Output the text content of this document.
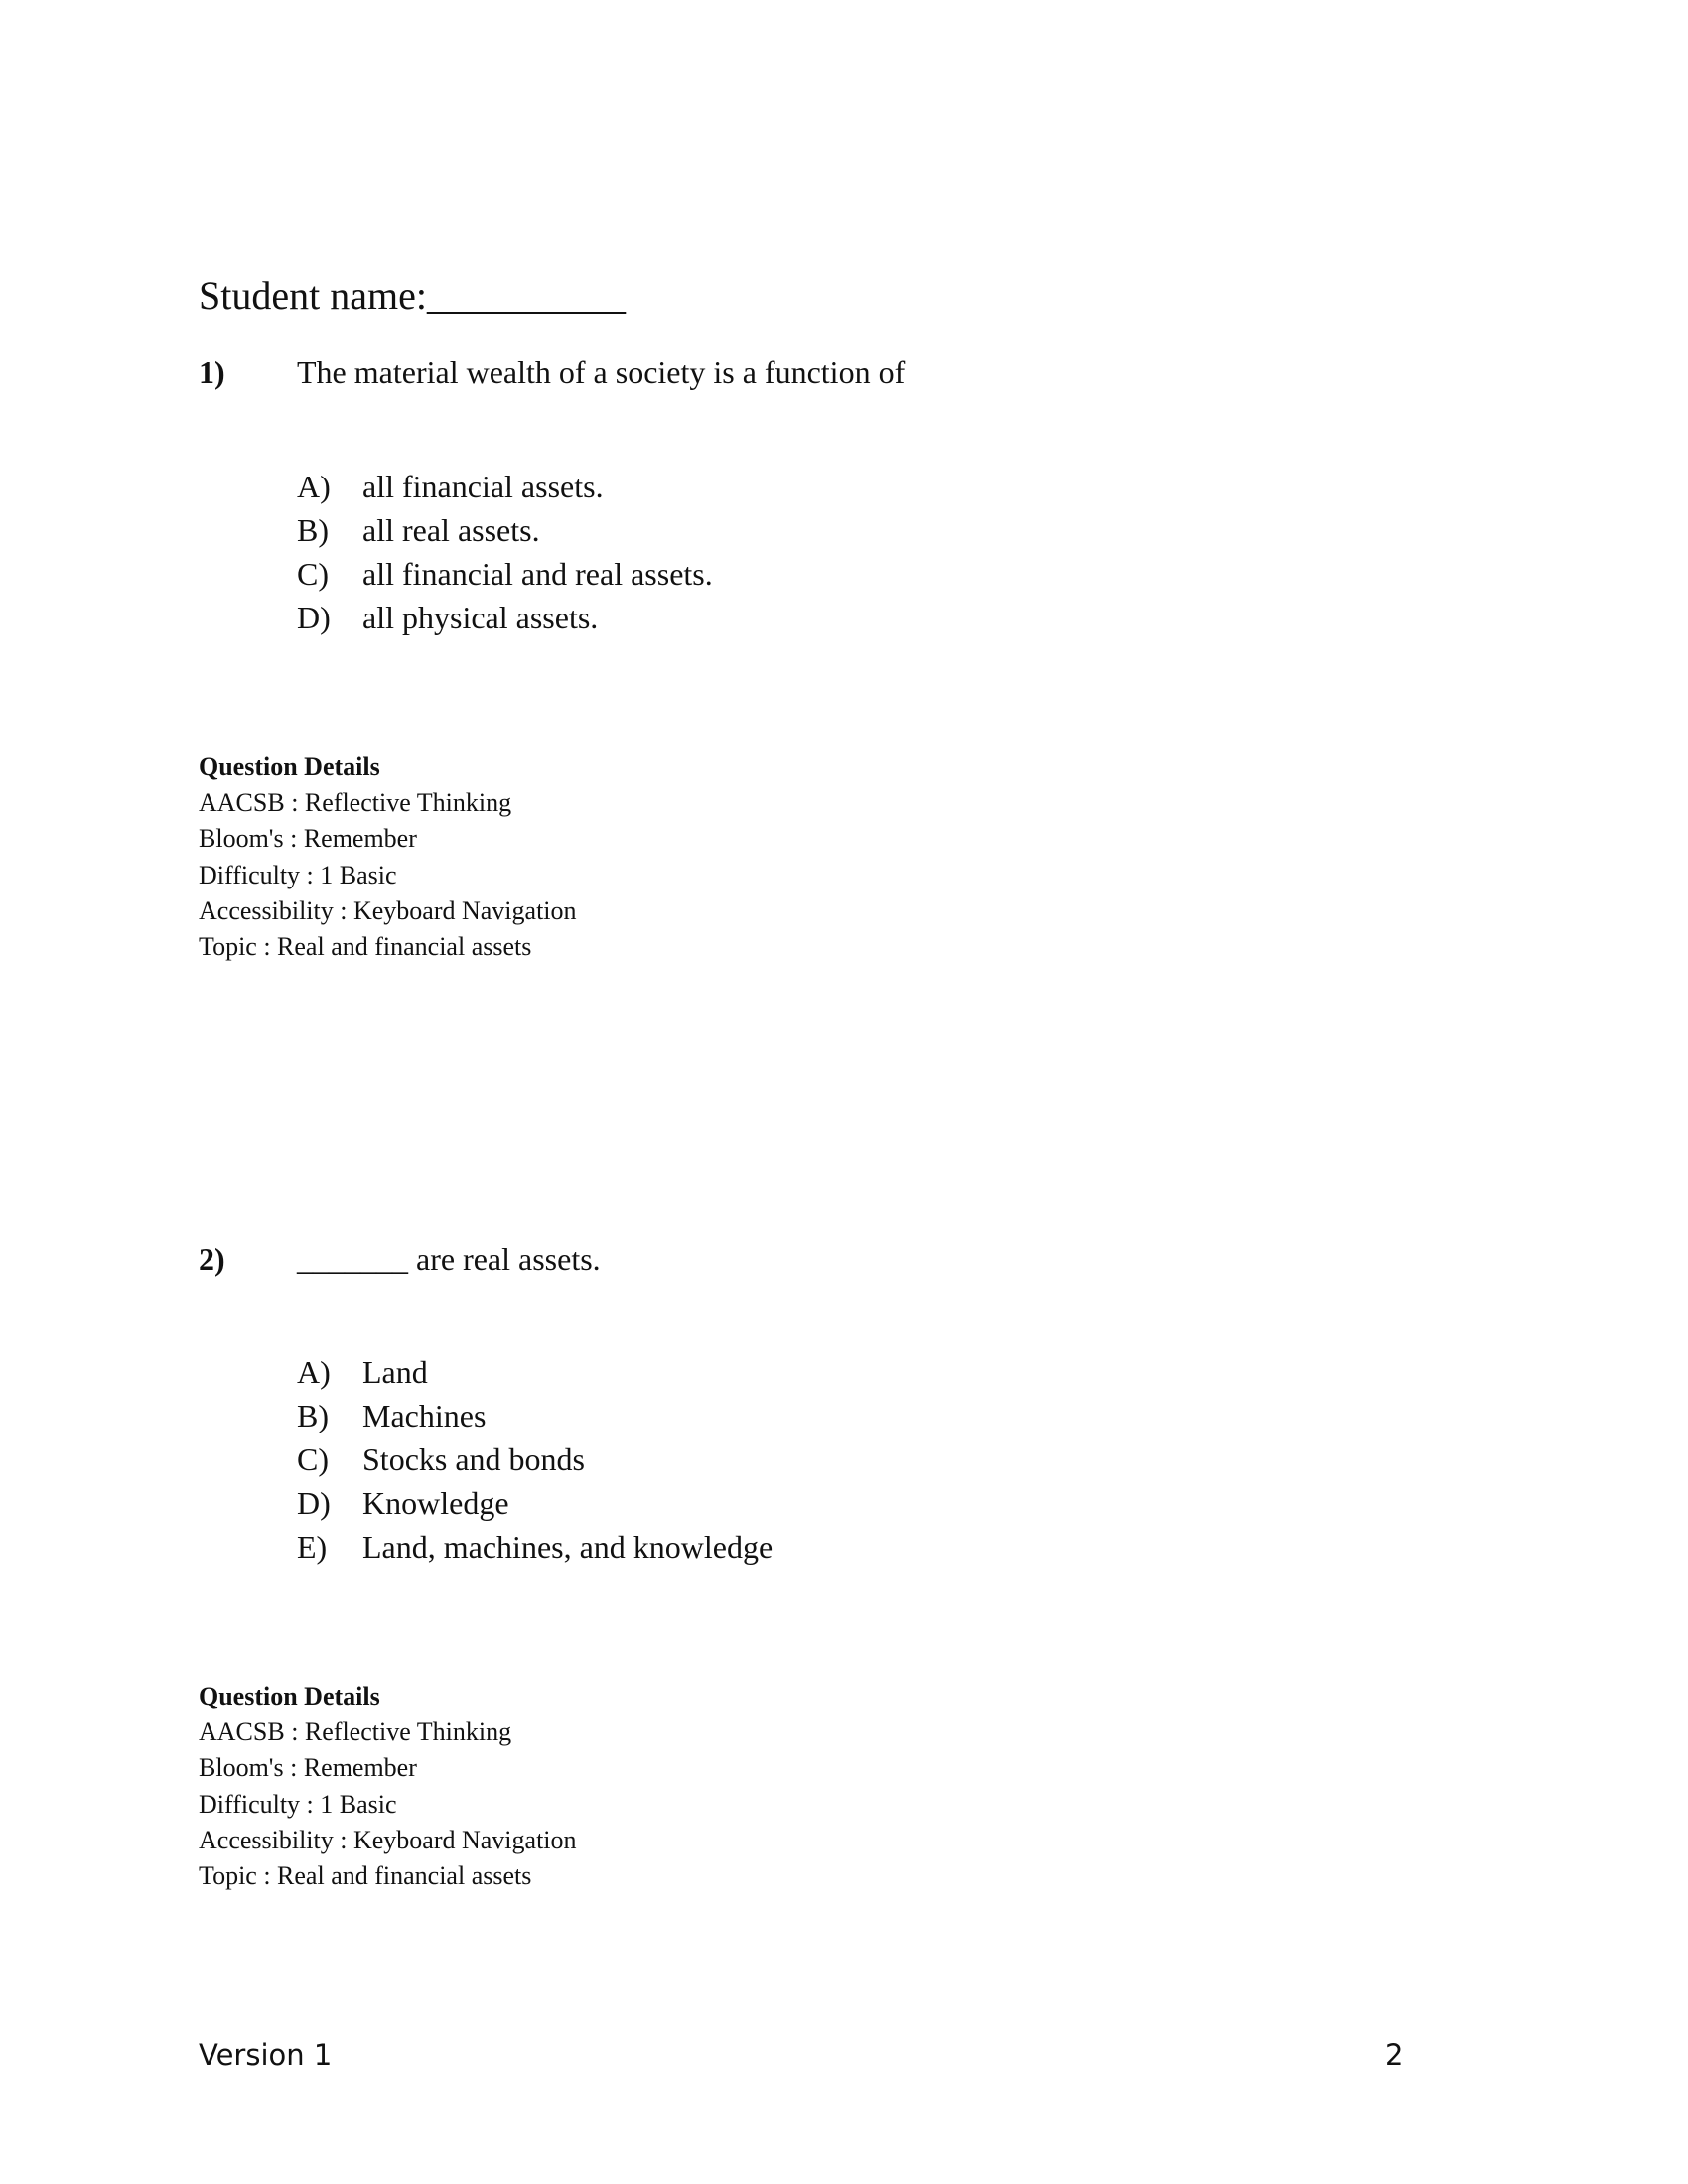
Student name:__________
1) The material wealth of a society is a function of
A) all financial assets.
B) all real assets.
C) all financial and real assets.
D) all physical assets.
Question Details
AACSB : Reflective Thinking
Bloom's : Remember
Difficulty : 1 Basic
Accessibility : Keyboard Navigation
Topic : Real and financial assets
2) _______ are real assets.
A) Land
B) Machines
C) Stocks and bonds
D) Knowledge
E) Land, machines, and knowledge
Question Details
AACSB : Reflective Thinking
Bloom's : Remember
Difficulty : 1 Basic
Accessibility : Keyboard Navigation
Topic : Real and financial assets
Version 1	2
